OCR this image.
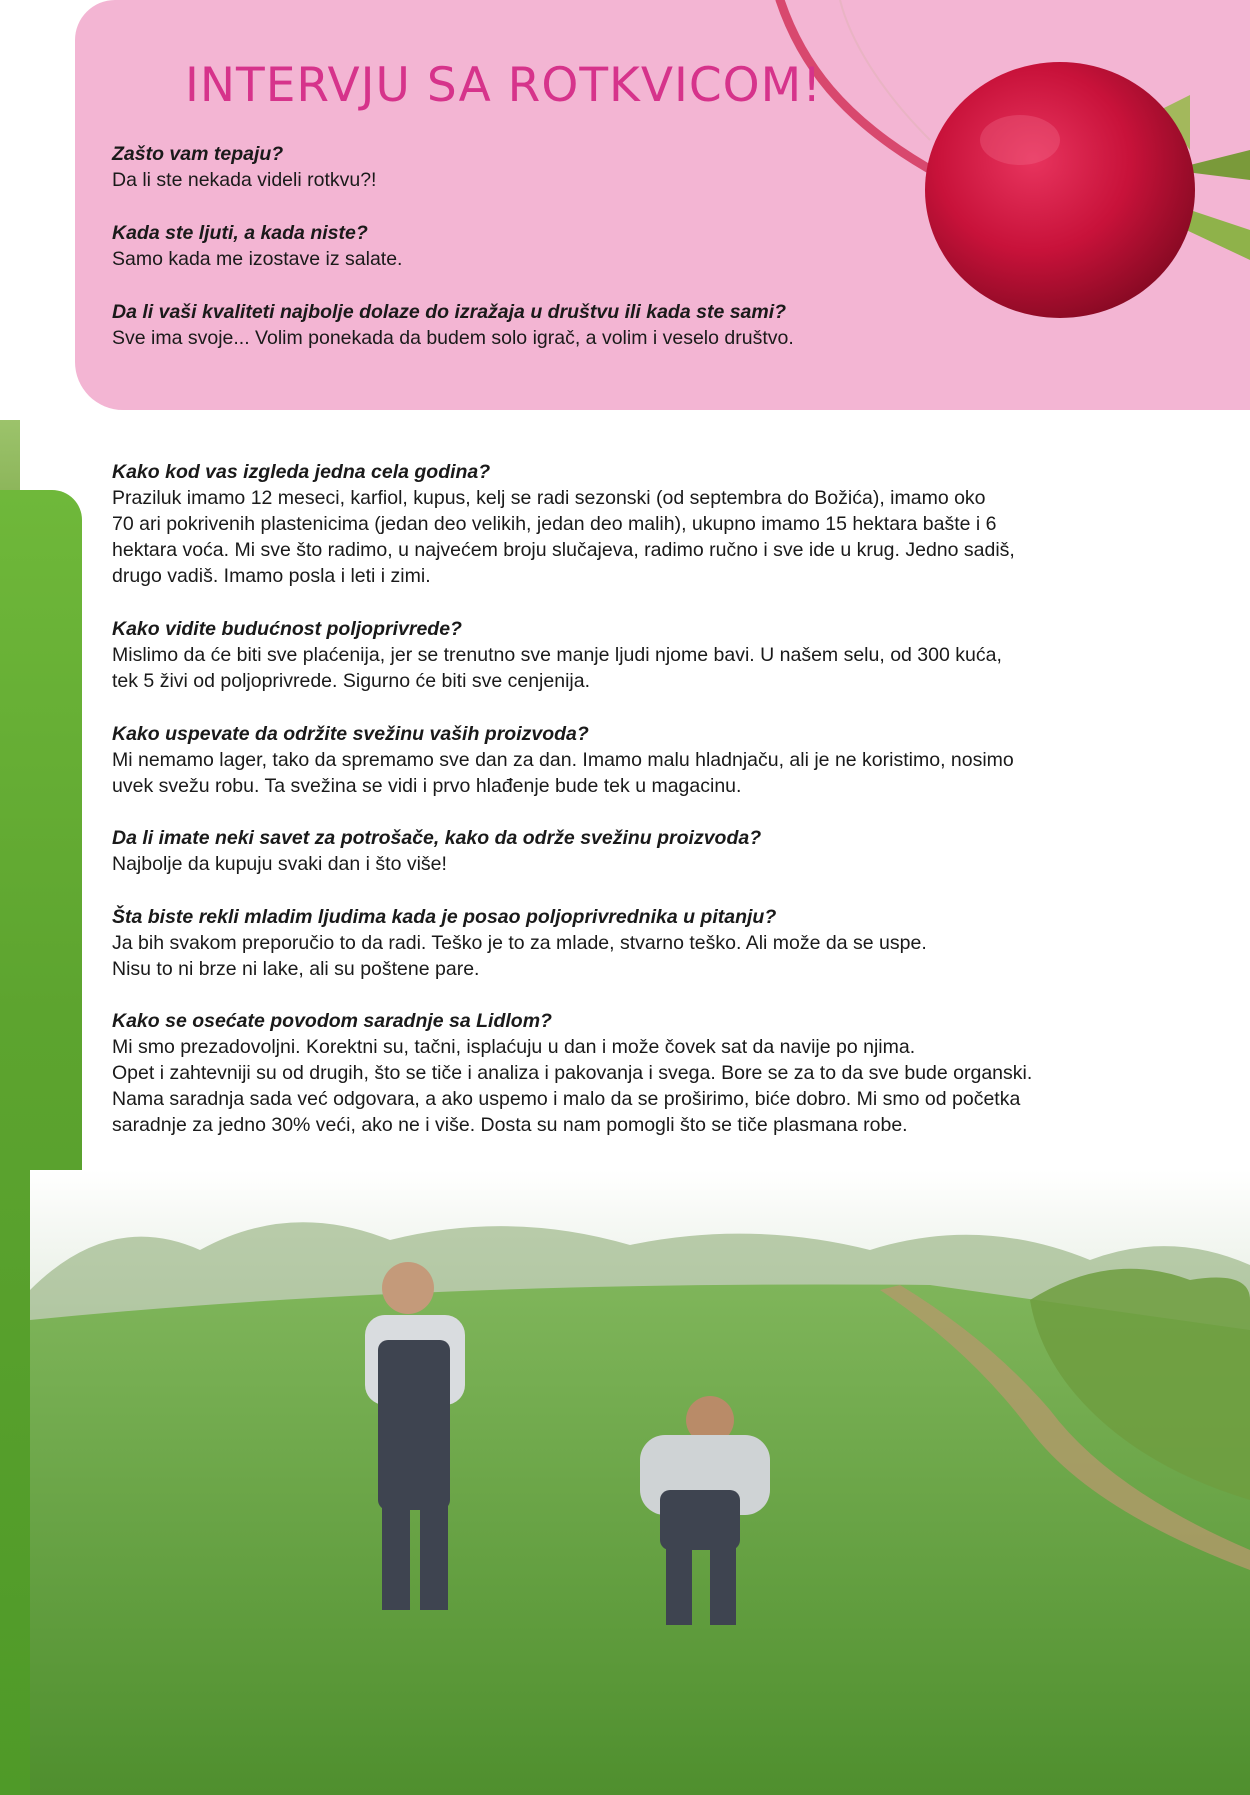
INTERVJU SA ROTKVICOM!

Zašto vam tepaju?

Da li ste nekada videli rotkvu?!

Kada ste ljuti, a kada niste?

Samo kada me izostave iz salate.

Da li vaši kvaliteti najbolje dolaze do izražaja u društvu ili kada ste sami?

Sve ima svoje... Volim ponekada da budem solo igrač, a volim i veselo društvo.

Kako kod vas izgleda jedna cela godina?

Praziluk imamo 12 meseci, karfiol, kupus, kelj se radi sezonski (od septembra do Božića), imamo oko

70 ari pokrivenih plastenicima (jedan deo velikih, jedan deo malih), ukupno imamo 15 hektara bašte i 6

hektara voća. Mi sve što radimo, u najvećem broju slučajeva, radimo ručno i sve ide u krug. Jedno sadiš,

drugo vadiš. Imamo posla i leti i zimi.

Kako vidite budućnost poljoprivrede?

Mislimo da će biti sve plaćenija, jer se trenutno sve manje ljudi njome bavi. U našem selu, od 300 kuća,

tek 5 živi od poljoprivrede. Sigurno će biti sve cenjenija.

Kako uspevate da održite svežinu vaših proizvoda?

Mi nemamo lager, tako da spremamo sve dan za dan. Imamo malu hladnjaču, ali je ne koristimo, nosimo

uvek svežu robu. Ta svežina se vidi i prvo hlađenje bude tek u magacinu.

Da li imate neki savet za potrošače, kako da održe svežinu proizvoda?

Najbolje da kupuju svaki dan i što više!

Šta biste rekli mladim ljudima kada je posao poljoprivrednika u pitanju?

Ja bih svakom preporučio to da radi. Teško je to za mlade, stvarno teško. Ali može da se uspe.

Nisu to ni brze ni lake, ali su poštene pare.

Kako se osećate povodom saradnje sa Lidlom?

Mi smo prezadovoljni. Korektni su, tačni, isplaćuju u dan i može čovek sat da navije po njima.

Opet i zahtevniji su od drugih, što se tiče i analiza i pakovanja i svega. Bore se za to da sve bude organski.

Nama saradnja sada već odgovara, a ako uspemo i malo da se proširimo, biće dobro. Mi smo od početka

saradnje za jedno 30% veći, ako ne i više. Dosta su nam pomogli što se tiče plasmana robe.
